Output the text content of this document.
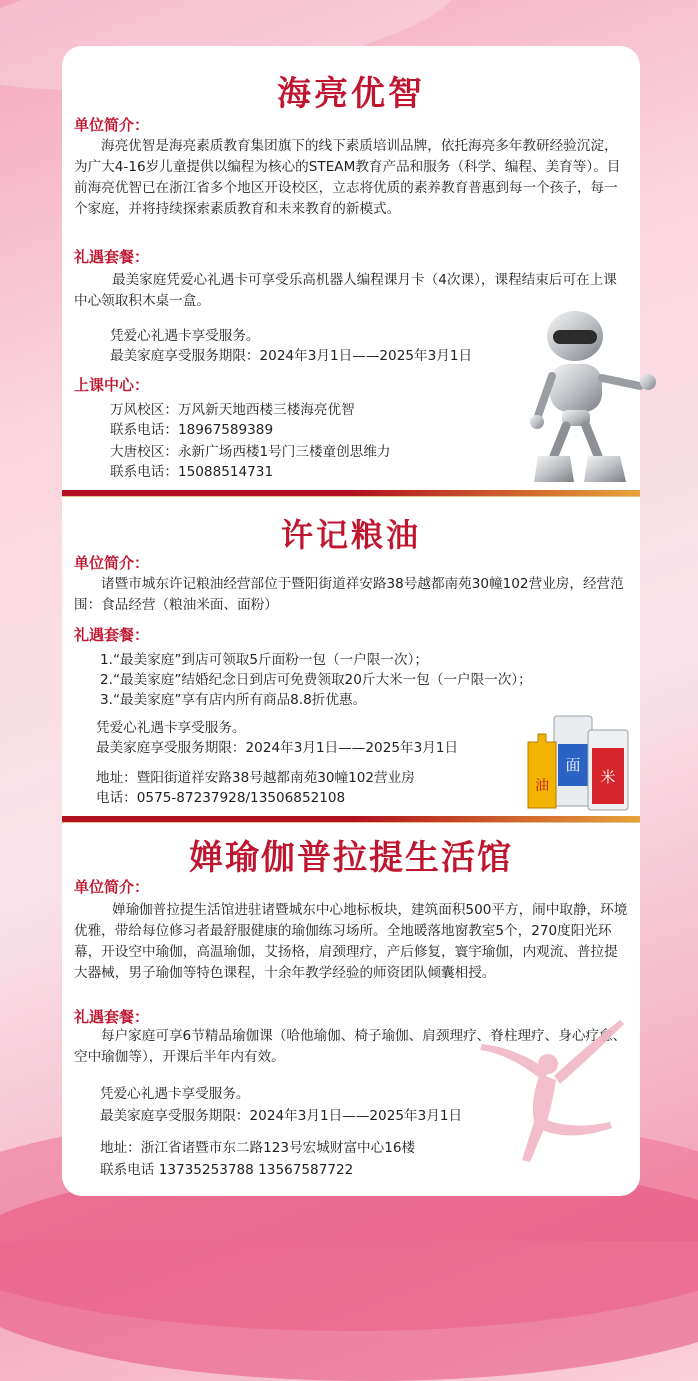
海亮优智
单位简介：
海亮优智是海亮素质教育集团旗下的线下素质培训品牌，依托海亮多年教研经验沉淀，为广大4-16岁儿童提供以编程为核心的STEAM教育产品和服务（科学、编程、美育等）。目前海亮优智已在浙江省多个地区开设校区，立志将优质的素养教育普惠到每一个孩子，每一个家庭，并将持续探索素质教育和未来教育的新模式。
礼遇套餐：
最美家庭凭爱心礼遇卡可享受乐高机器人编程课月卡（4次课），课程结束后可在上课中心领取积木桌一盒。
凭爱心礼遇卡享受服务。
最美家庭享受服务期限：2024年3月1日——2025年3月1日
上课中心：
万风校区：万风新天地西楼三楼海亮优智
联系电话：18967589389
大唐校区：永新广场西楼1号门三楼童创思维力
联系电话：15088514731
许记粮油
单位简介：
诸暨市城东许记粮油经营部位于暨阳街道祥安路38号越都南苑30幢102营业房，经营范围：食品经营（粮油米面、面粉）
礼遇套餐：
1.“最美家庭”到店可领取5斤面粉一包（一户限一次）；
2.“最美家庭”结婚纪念日到店可免费领取20斤大米一包（一户限一次）；
3.“最美家庭”享有店内所有商品8.8折优惠。
凭爱心礼遇卡享受服务。
最美家庭享受服务期限：2024年3月1日——2025年3月1日
地址：暨阳街道祥安路38号越都南苑30幢102营业房
电话：0575-87237928/13506852108
油
面
米
婵瑜伽普拉提生活馆
单位简介：
婵瑜伽普拉提生活馆进驻诸暨城东中心地标板块，建筑面积500平方，闹中取静，环境优雅，带给每位修习者最舒服健康的瑜伽练习场所。全地暖落地窗教室5个，270度阳光环幕，开设空中瑜伽，高温瑜伽，艾扬格，肩颈理疗，产后修复，寰宇瑜伽，内观流、普拉提大器械，男子瑜伽等特色课程，十余年教学经验的师资团队倾囊相授。
礼遇套餐：
每户家庭可享6节精品瑜伽课（哈他瑜伽、椅子瑜伽、肩颈理疗、脊柱理疗、身心疗愈、空中瑜伽等），开课后半年内有效。
凭爱心礼遇卡享受服务。
最美家庭享受服务期限：2024年3月1日——2025年3月1日
地址：浙江省诸暨市东二路123号宏城财富中心16楼
联系电话 13735253788 13567587722
